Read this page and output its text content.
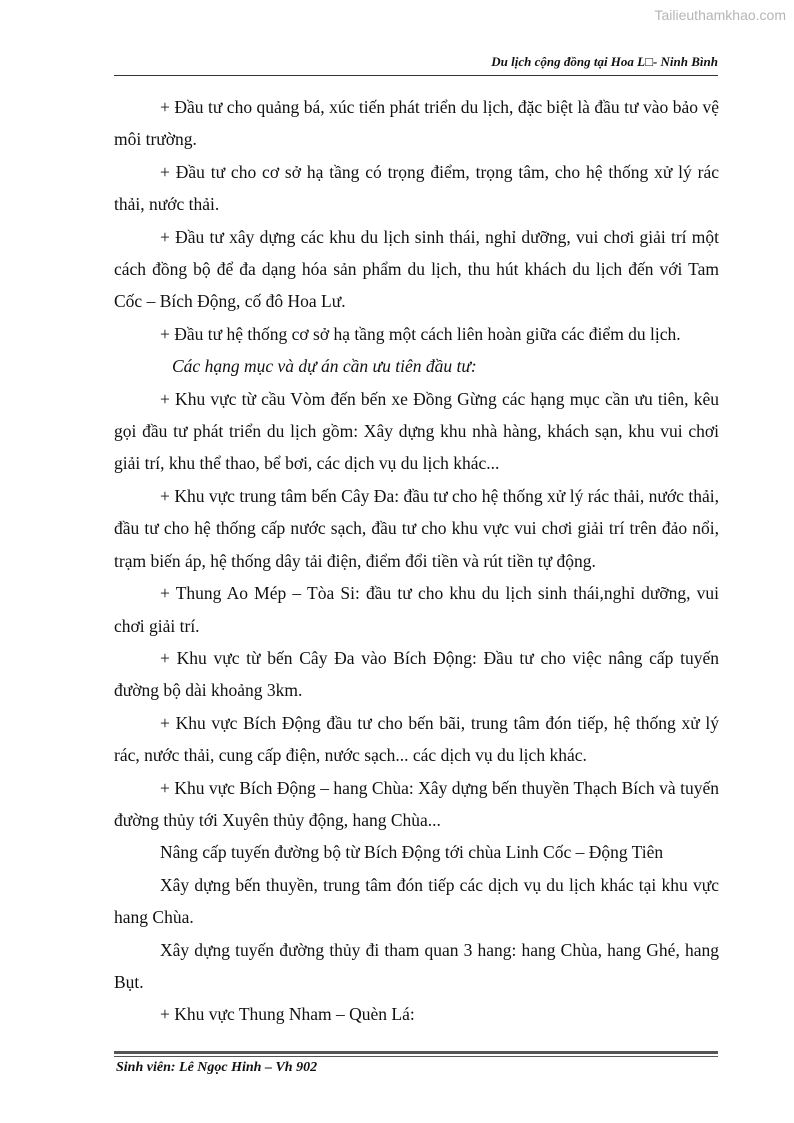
Tailieuthamkhao.com
Du lịch cộng đồng tại Hoa L□- Ninh Bình

+ Đầu tư cho quảng bá, xúc tiến phát triển du lịch, đặc biệt là đầu tư vào bảo vệ môi trường.

+ Đầu tư cho cơ sở hạ tầng có trọng điểm, trọng tâm, cho hệ thống xử lý rác thải, nước thải.

+ Đầu tư xây dựng các khu du lịch sinh thái, nghỉ dưỡng, vui chơi giải trí một cách đồng bộ để đa dạng hóa sản phẩm du lịch, thu hút khách du lịch đến với Tam Cốc – Bích Động, cố đô Hoa Lư.

+ Đầu tư hệ thống cơ sở hạ tầng một cách liên hoàn giữa các điểm du lịch.

Các hạng mục và dự án cần ưu tiên đầu tư:

+ Khu vực từ cầu Vòm đến bến xe Đồng Gừng các hạng mục cần ưu tiên, kêu gọi đầu tư phát triển du lịch gồm: Xây dựng khu nhà hàng, khách sạn, khu vui chơi giải trí, khu thể thao, bể bơi, các dịch vụ du lịch khác...

+ Khu vực trung tâm bến Cây Đa: đầu tư cho hệ thống xử lý rác thải, nước thải, đầu tư cho hệ thống cấp nước sạch, đầu tư cho khu vực vui chơi giải trí trên đảo nổi, trạm biến áp, hệ thống dây tải điện, điểm đổi tiền và rút tiền tự động.

+ Thung Ao Mép – Tòa Si: đầu tư cho khu du lịch sinh thái,nghỉ dưỡng, vui chơi giải trí.

+ Khu vực từ bến Cây Đa vào Bích Động: Đầu tư cho việc nâng cấp tuyến đường bộ dài khoảng 3km.

+ Khu vực Bích Động đầu tư cho bến bãi, trung tâm đón tiếp, hệ thống xử lý rác, nước thải, cung cấp điện, nước sạch... các dịch vụ du lịch khác.

+ Khu vực Bích Động – hang Chùa: Xây dựng bến thuyền Thạch Bích và tuyến đường thủy tới Xuyên thủy động, hang Chùa...

Nâng cấp tuyến đường bộ từ Bích Động tới chùa Linh Cốc – Động Tiên

Xây dựng bến thuyền, trung tâm đón tiếp các dịch vụ du lịch khác tại khu vực hang Chùa.

Xây dựng tuyến đường thủy đi tham quan 3 hang: hang Chùa, hang Ghé, hang Bụt.

+ Khu vực Thung Nham – Quèn Lá:

Sinh viên: Lê Ngọc Hinh – Vh 902
